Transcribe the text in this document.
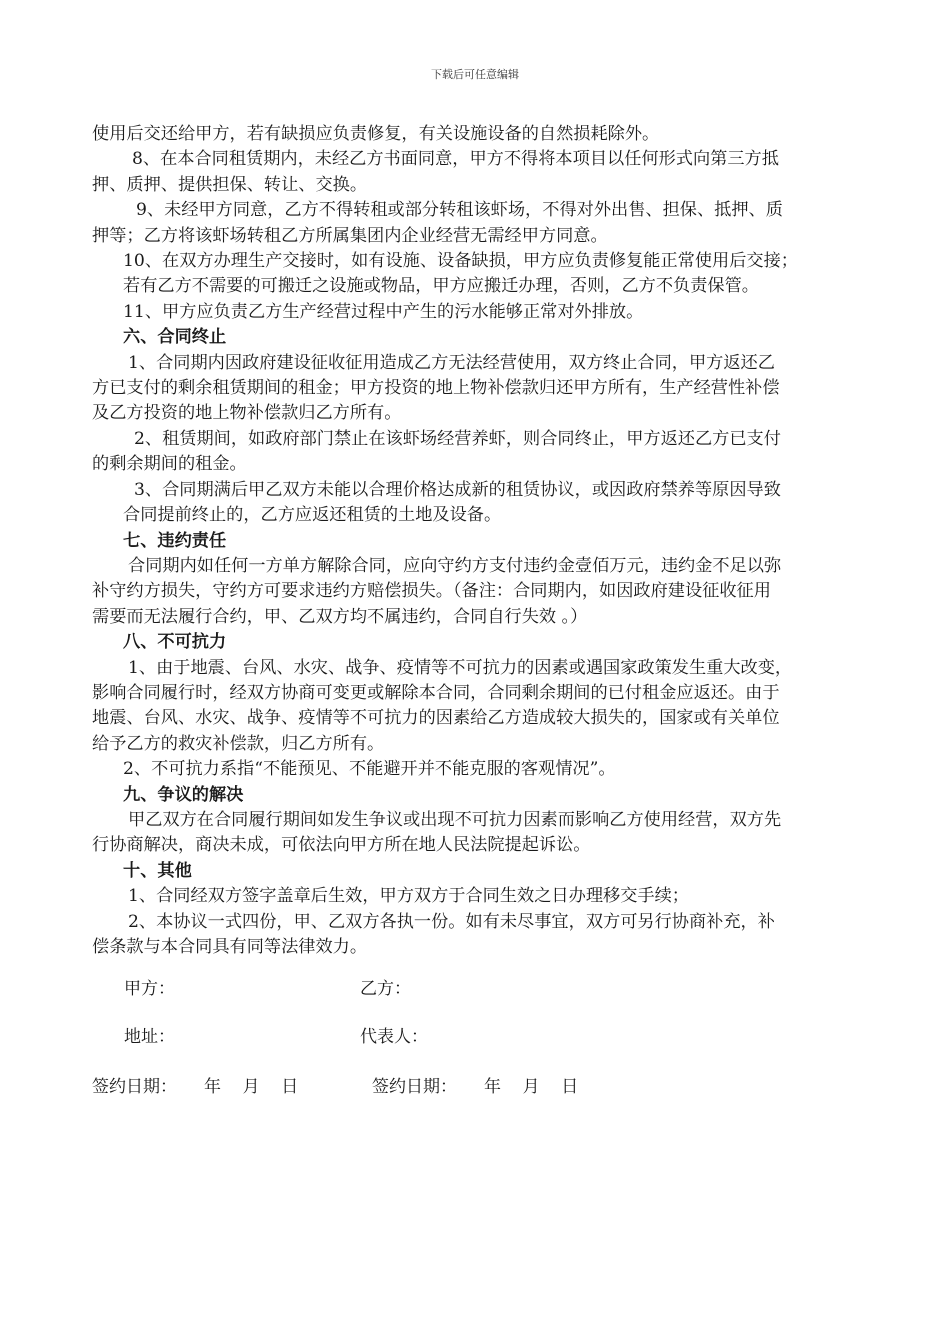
下载后可任意编辑
使用后交还给甲方，若有缺损应负责修复，有关设施设备的自然损耗除外。
8、在本合同租赁期内，未经乙方书面同意，甲方不得将本项目以任何形式向第三方抵
押、质押、提供担保、转让、交换。
9、未经甲方同意，乙方不得转租或部分转租该虾场，不得对外出售、担保、抵押、质
押等；乙方将该虾场转租乙方所属集团内企业经营无需经甲方同意。
10、在双方办理生产交接时，如有设施、设备缺损，甲方应负责修复能正常使用后交接；
若有乙方不需要的可搬迁之设施或物品，甲方应搬迁办理，否则，乙方不负责保管。
11、甲方应负责乙方生产经营过程中产生的污水能够正常对外排放。
六、合同终止
1、合同期内因政府建设征收征用造成乙方无法经营使用，双方终止合同，甲方返还乙
方已支付的剩余租赁期间的租金；甲方投资的地上物补偿款归还甲方所有，生产经营性补偿
及乙方投资的地上物补偿款归乙方所有。
2、租赁期间，如政府部门禁止在该虾场经营养虾，则合同终止，甲方返还乙方已支付
的剩余期间的租金。
3、合同期满后甲乙双方未能以合理价格达成新的租赁协议，或因政府禁养等原因导致
合同提前终止的，乙方应返还租赁的土地及设备。
七、违约责任
合同期内如任何一方单方解除合同，应向守约方支付违约金壹佰万元，违约金不足以弥
补守约方损失，守约方可要求违约方赔偿损失。（备注：合同期内，如因政府建设征收征用
需要而无法履行合约，甲、乙双方均不属违约，合同自行失效 。）
八、不可抗力
1、由于地震、台风、水灾、战争、疫情等不可抗力的因素或遇国家政策发生重大改变，
影响合同履行时，经双方协商可变更或解除本合同，合同剩余期间的已付租金应返还。由于
地震、台风、水灾、战争、疫情等不可抗力的因素给乙方造成较大损失的，国家或有关单位
给予乙方的救灾补偿款，归乙方所有。
2、不可抗力系指“不能预见、不能避开并不能克服的客观情况”。
九、争议的解决
甲乙双方在合同履行期间如发生争议或出现不可抗力因素而影响乙方使用经营，双方先
行协商解决，商决未成，可依法向甲方所在地人民法院提起诉讼。
十、其他
1、合同经双方签字盖章后生效，甲方双方于合同生效之日办理移交手续；
2、本协议一式四份，甲、乙双方各执一份。如有未尽事宜，双方可另行协商补充，补
偿条款与本合同具有同等法律效力。
甲方：	乙方：
地址：	代表人：
签约日期：     年    月    日	签约日期：     年    月    日
